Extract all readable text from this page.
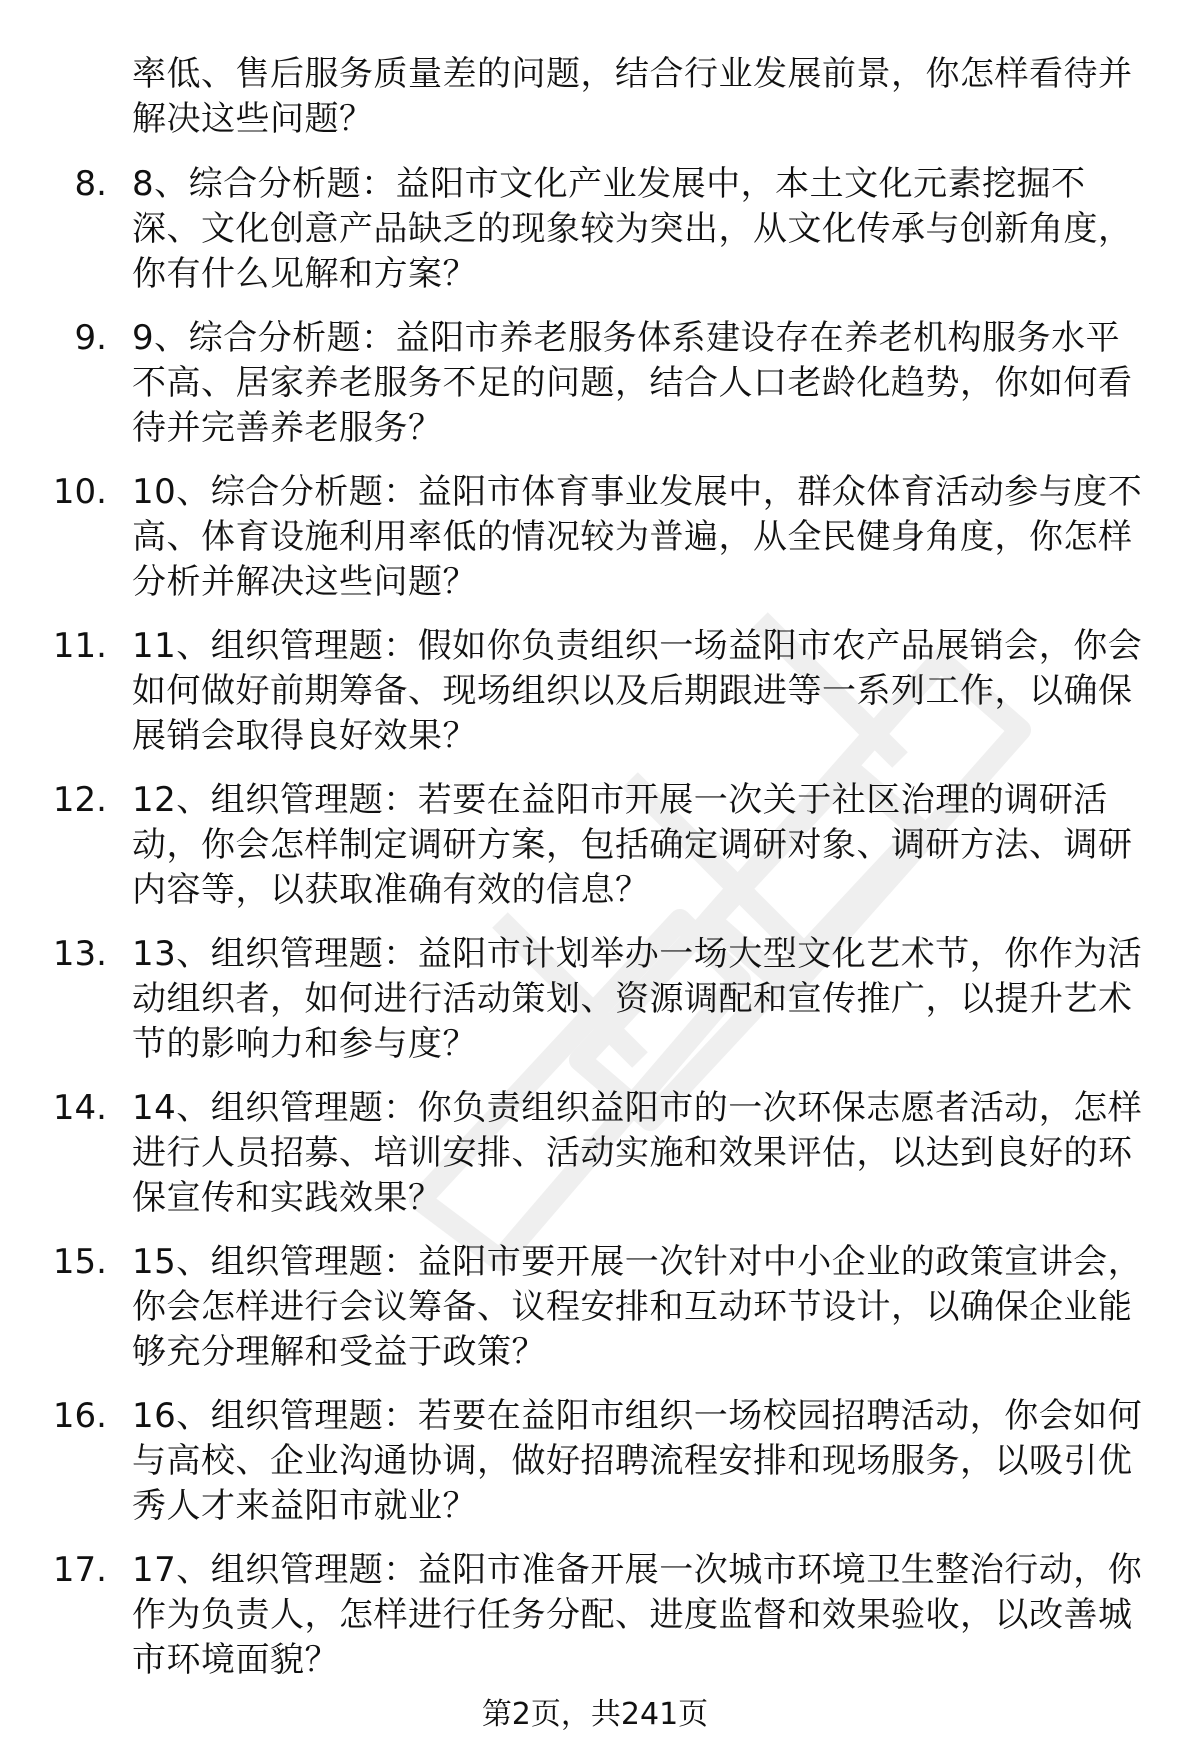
率低、售后服务质量差的问题，结合行业发展前景，你怎样看待并解决这些问题？
8. 8、综合分析题：益阳市文化产业发展中，本土文化元素挖掘不深、文化创意产品缺乏的现象较为突出，从文化传承与创新角度，你有什么见解和方案？
9. 9、综合分析题：益阳市养老服务体系建设存在养老机构服务水平不高、居家养老服务不足的问题，结合人口老龄化趋势，你如何看待并完善养老服务？
10. 10、综合分析题：益阳市体育事业发展中，群众体育活动参与度不高、体育设施利用率低的情况较为普遍，从全民健身角度，你怎样分析并解决这些问题？
11. 11、组织管理题：假如你负责组织一场益阳市农产品展销会，你会如何做好前期筹备、现场组织以及后期跟进等一系列工作，以确保展销会取得良好效果？
12. 12、组织管理题：若要在益阳市开展一次关于社区治理的调研活动，你会怎样制定调研方案，包括确定调研对象、调研方法、调研内容等，以获取准确有效的信息？
13. 13、组织管理题：益阳市计划举办一场大型文化艺术节，你作为活动组织者，如何进行活动策划、资源调配和宣传推广，以提升艺术节的影响力和参与度？
14. 14、组织管理题：你负责组织益阳市的一次环保志愿者活动，怎样进行人员招募、培训安排、活动实施和效果评估，以达到良好的环保宣传和实践效果？
15. 15、组织管理题：益阳市要开展一次针对中小企业的政策宣讲会，你会怎样进行会议筹备、议程安排和互动环节设计，以确保企业能够充分理解和受益于政策？
16. 16、组织管理题：若要在益阳市组织一场校园招聘活动，你会如何与高校、企业沟通协调，做好招聘流程安排和现场服务，以吸引优秀人才来益阳市就业？
17. 17、组织管理题：益阳市准备开展一次城市环境卫生整治行动，你作为负责人，怎样进行任务分配、进度监督和效果验收，以改善城市环境面貌？
第2页，共241页
